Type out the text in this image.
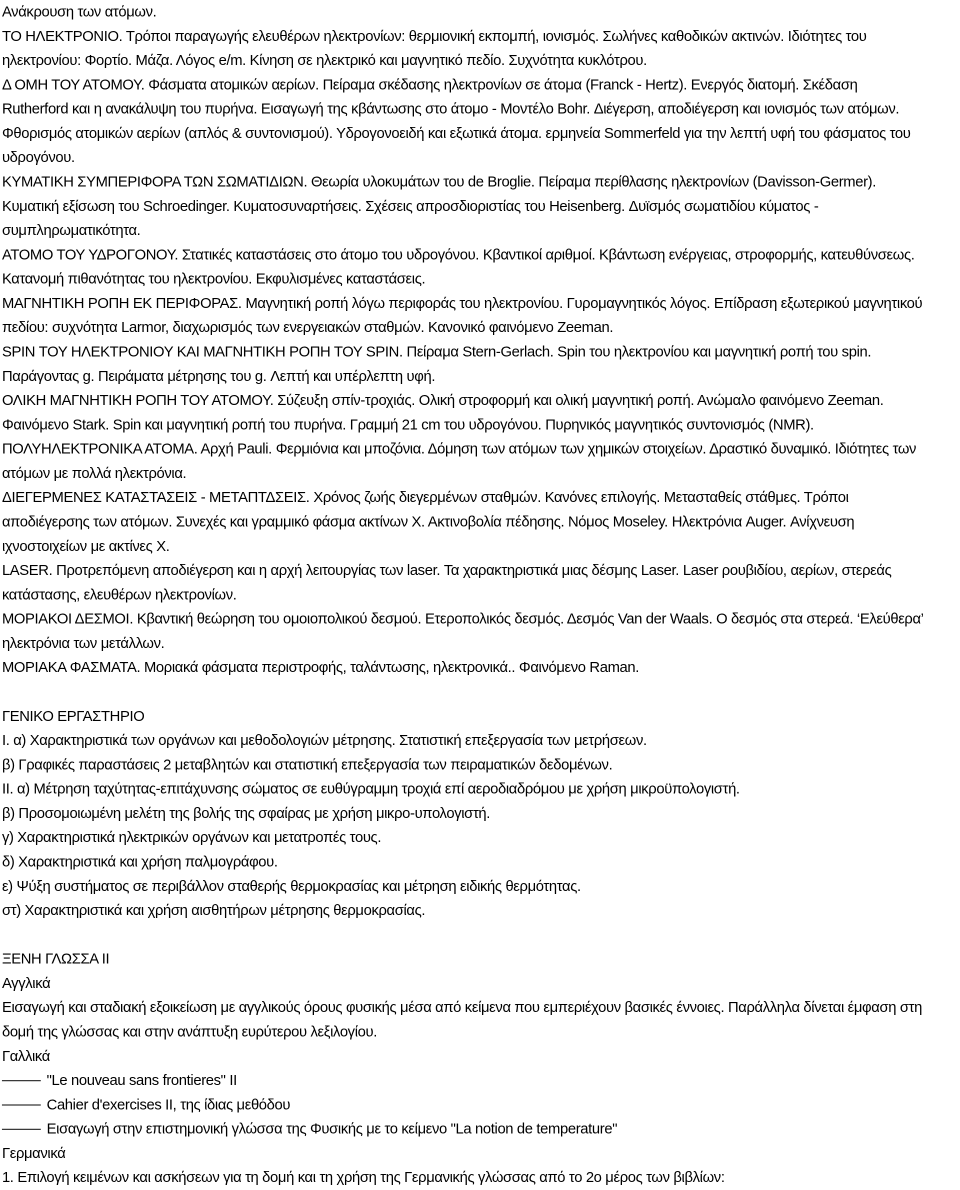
Ανάκρουση των ατόμων.

ΤΟ ΗΛΕΚΤΡΟΝΙΟ. Τρόποι παραγωγής ελευθέρων ηλεκτρονίων: θερμιονική εκπομπή, ιονισμός. Σωλήνες καθοδικών ακτινών. Ιδιότητες του ηλεκτρονίου: Φορτίο. Μάζα. Λόγος e/m. Κίνηση σε ηλεκτρικό και μαγνητικό πεδίο. Συχνότητα κυκλότρου.

Δ ΟΜΗ ΤΟΥ ΑΤΟΜΟΥ. Φάσματα ατομικών αερίων. Πείραμα σκέδασης ηλεκτρονίων σε άτομα (Franck - Hertz). Ενεργός διατομή. Σκέδαση Rutherford και η ανακάλυψη του πυρήνα. Εισαγωγή της κβάντωσης στο άτομο - Μοντέλο Bohr. Διέγερση, αποδιέγερση και ιονισμός των ατόμων. Φθορισμός ατομικών αερίων (απλός & συντονισμού). Υδρογονοειδή και εξωτικά άτομα. ερμηνεία Sommerfeld για την λεπτή υφή του φάσματος του υδρογόνου.

ΚΥΜΑΤΙΚΗ ΣΥΜΠΕΡΙΦΟΡΑ ΤΩΝ ΣΩΜΑΤΙΔΙΩΝ. Θεωρία υλοκυμάτων του de Broglie. Πείραμα περίθλασης ηλεκτρονίων (Davisson-Germer). Κυματική εξίσωση του Schroedinger. Κυματοσυναρτήσεις. Σχέσεις απροσδιοριστίας του Heisenberg. Δυϊσμός σωματιδίου κύματος - συμπληρωματικότητα.

ΑΤΟΜΟ ΤΟΥ ΥΔΡΟΓΟΝΟΥ. Στατικές καταστάσεις στο άτομο του υδρογόνου. Κβαντικοί αριθμοί. Κβάντωση ενέργειας, στροφορμής, κατευθύνσεως. Κατανομή πιθανότητας του ηλεκτρονίου. Εκφυλισμένες καταστάσεις.

ΜΑΓΝΗΤΙΚΗ ΡΟΠΗ ΕΚ ΠΕΡΙΦΟΡΑΣ. Μαγνητική ροπή λόγω περιφοράς του ηλεκτρονίου. Γυρομαγνητικός λόγος. Επίδραση εξωτερικού μαγνητικού πεδίου: συχνότητα Larmor, διαχωρισμός των ενεργειακών σταθμών. Κανονικό φαινόμενο Zeeman.

SPIN ΤΟΥ ΗΛΕΚΤΡΟΝΙΟΥ ΚΑΙ ΜΑΓΝΗΤΙΚΗ ΡΟΠΗ ΤΟΥ SPIN. Πείραμα Stern-Gerlach. Spin του ηλεκτρονίου και μαγνητική ροπή του spin. Παράγοντας g. Πειράματα μέτρησης του g. Λεπτή και υπέρλεπτη υφή.

ΟΛΙΚΗ ΜΑΓΝΗΤΙΚΗ ΡΟΠΗ ΤΟΥ ΑΤΟΜΟΥ. Σύζευξη σπίν-τροχιάς. Ολική στροφορμή και ολική μαγνητική ροπή. Ανώμαλο φαινόμενο Zeeman. Φαινόμενο Stark. Spin και μαγνητική ροπή του πυρήνα. Γραμμή 21 cm του υδρογόνου. Πυρηνικός μαγνητικός συντονισμός (NMR).

ΠΟΛΥΗΛΕΚΤΡΟΝΙΚΑ ΑΤΟΜΑ. Αρχή Pauli. Φερμιόνια και μποζόνια. Δόμηση των ατόμων των χημικών στοιχείων. Δραστικό δυναμικό. Ιδιότητες των ατόμων με πολλά ηλεκτρόνια.

ΔΙΕΓΕΡΜΕΝΕΣ ΚΑΤΑΣΤΑΣΕΙΣ - ΜΕΤΑΠΤΔΣΕΙΣ. Χρόνος ζωής διεγερμένων σταθμών. Κανόνες επιλογής. Μετασταθείς στάθμες. Τρόποι αποδιέγερσης των ατόμων. Συνεχές και γραμμικό φάσμα ακτίνων Χ. Ακτινοβολία πέδησης. Νόμος Moseley. Ηλεκτρόνια Auger. Ανίχνευση ιχνοστοιχείων με ακτίνες Χ.

LASER. Προτρεπόμενη αποδιέγερση και η αρχή λειτουργίας των laser. Τα χαρακτηριστικά μιας δέσμης Laser. Laser ρουβιδίου, αερίων, στερεάς κατάστασης, ελευθέρων ηλεκτρονίων.

ΜΟΡΙΑΚΟΙ ΔΕΣΜΟΙ. Κβαντική θεώρηση του ομοιοπολικού δεσμού. Ετεροπολικός δεσμός. Δεσμός Van der Waals. Ο δεσμός στα στερεά. ‘Ελεύθερα’ ηλεκτρόνια των μετάλλων.

ΜΟΡΙΑΚΑ ΦΑΣΜΑΤΑ. Μοριακά φάσματα περιστροφής, ταλάντωσης, ηλεκτρονικά.. Φαινόμενο Raman.

ΓΕΝΙΚΟ ΕΡΓΑΣΤΗΡΙΟ

Ι. α) Χαρακτηριστικά των οργάνων και μεθοδολογιών μέτρησης. Στατιστική επεξεργασία των μετρήσεων.

β) Γραφικές παραστάσεις 2 μεταβλητών και στατιστική επεξεργασία των πειραματικών δεδομένων.

ΙΙ. α) Μέτρηση ταχύτητας-επιτάχυνσης σώματος σε ευθύγραμμη τροχιά επί αεροδιαδρόμου με χρήση μικροϋπολογιστή.

β) Προσομοιωμένη μελέτη της βολής της σφαίρας με χρήση μικρο-υπολογιστή.

γ) Χαρακτηριστικά ηλεκτρικών οργάνων και μετατροπές τους.

δ) Χαρακτηριστικά και χρήση παλμογράφου.

ε) Ψύξη συστήματος σε περιβάλλον σταθερής θερμοκρασίας και μέτρηση ειδικής θερμότητας.

στ) Χαρακτηριστικά και χρήση αισθητήρων μέτρησης θερμοκρασίας.

ΞΕΝΗ ΓΛΩΣΣΑ ΙΙ

Αγγλικά

Εισαγωγή και σταδιακή εξοικείωση με αγγλικούς όρους φυσικής μέσα από κείμενα που εμπεριέχουν βασικές έννοιες. Παράλληλα δίνεται έμφαση στη δομή της γλώσσας και στην ανάπτυξη ευρύτερου λεξιλογίου.

Γαλλικά

"Le nouveau sans frontieres" II

Cahier d'exercises II, της ίδιας μεθόδου

Εισαγωγή στην επιστημονική γλώσσα της Φυσικής με το κείμενο "La notion de temperature"

Γερμανικά

1. Επιλογή κειμένων και ασκήσεων για τη δομή και τη χρήση της Γερμανικής γλώσσας από το 2ο μέρος των βιβλίων:
